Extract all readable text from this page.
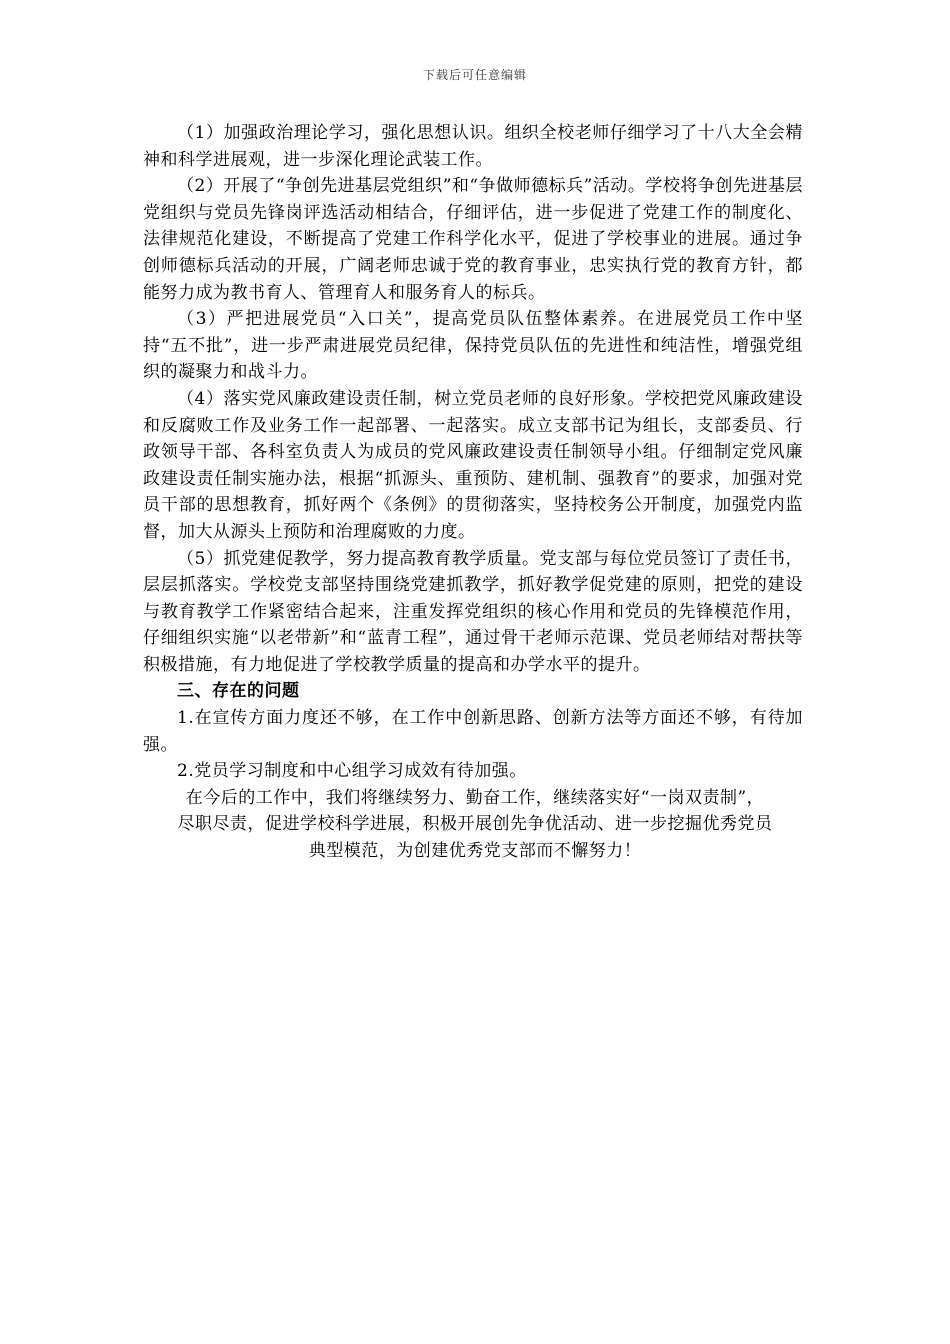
下载后可任意编辑

（1）加强政治理论学习，强化思想认识。组织全校老师仔细学习了十八大全会精神和科学进展观，进一步深化理论武装工作。

（2）开展了“争创先进基层党组织”和“争做师德标兵”活动。学校将争创先进基层党组织与党员先锋岗评选活动相结合，仔细评估，进一步促进了党建工作的制度化、法律规范化建设，不断提高了党建工作科学化水平，促进了学校事业的进展。通过争创师德标兵活动的开展，广阔老师忠诚于党的教育事业，忠实执行党的教育方针，都能努力成为教书育人、管理育人和服务育人的标兵。

（3）严把进展党员“入口关”，提高党员队伍整体素养。在进展党员工作中坚持“五不批”，进一步严肃进展党员纪律，保持党员队伍的先进性和纯洁性，增强党组织的凝聚力和战斗力。

（4）落实党风廉政建设责任制，树立党员老师的良好形象。学校把党风廉政建设和反腐败工作及业务工作一起部署、一起落实。成立支部书记为组长，支部委员、行政领导干部、各科室负责人为成员的党风廉政建设责任制领导小组。仔细制定党风廉政建设责任制实施办法，根据“抓源头、重预防、建机制、强教育”的要求，加强对党员干部的思想教育，抓好两个《条例》的贯彻落实，坚持校务公开制度，加强党内监督，加大从源头上预防和治理腐败的力度。

（5）抓党建促教学，努力提高教育教学质量。党支部与每位党员签订了责任书，层层抓落实。学校党支部坚持围绕党建抓教学，抓好教学促党建的原则，把党的建设与教育教学工作紧密结合起来，注重发挥党组织的核心作用和党员的先锋模范作用，仔细组织实施“以老带新”和“蓝青工程”，通过骨干老师示范课、党员老师结对帮扶等积极措施，有力地促进了学校教学质量的提高和办学水平的提升。

三、存在的问题

1.在宣传方面力度还不够，在工作中创新思路、创新方法等方面还不够，有待加强。

2.党员学习制度和中心组学习成效有待加强。

在今后的工作中，我们将继续努力、勤奋工作，继续落实好“一岗双责制”，

尽职尽责，促进学校科学进展，积极开展创先争优活动、进一步挖掘优秀党员

典型模范，为创建优秀党支部而不懈努力！
